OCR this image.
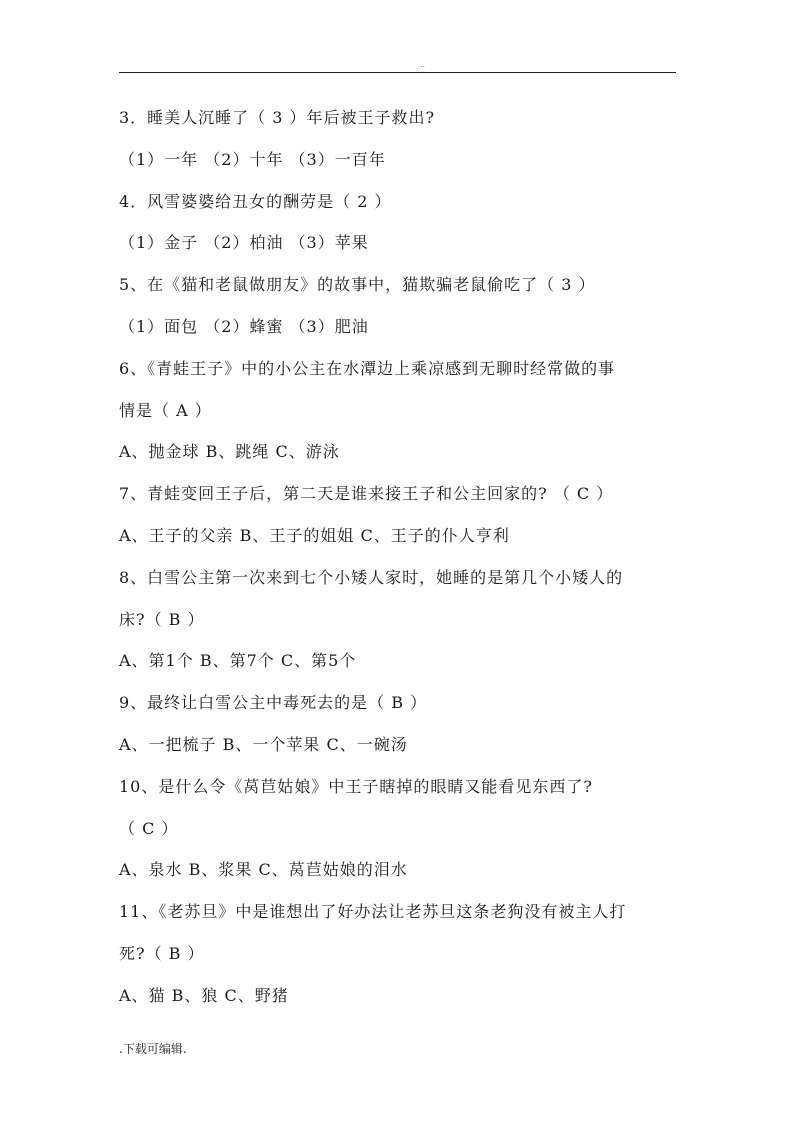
..
3．睡美人沉睡了（ 3 ）年后被王子救出?
（1）一年 （2）十年 （3）一百年
4．风雪婆婆给丑女的酬劳是（ 2 ）
（1）金子 （2）柏油 （3）苹果
5、在《猫和老鼠做朋友》的故事中，猫欺骗老鼠偷吃了（ 3 ）
（1）面包 （2）蜂蜜 （3）肥油
6、《青蛙王子》中的小公主在水潭边上乘凉感到无聊时经常做的事
情是（ A ）
A、抛金球 B、跳绳 C、游泳
7、青蛙变回王子后，第二天是谁来接王子和公主回家的? （ C ）
A、王子的父亲 B、王子的姐姐 C、王子的仆人亨利
8、白雪公主第一次来到七个小矮人家时，她睡的是第几个小矮人的
床?（ B ）
A、第1个 B、第7个 C、第5个
9、最终让白雪公主中毒死去的是（ B ）
A、一把梳子 B、一个苹果 C、一碗汤
10、是什么令《莴苣姑娘》中王子瞎掉的眼睛又能看见东西了?
（ C ）
A、泉水 B、浆果 C、莴苣姑娘的泪水
11、《老苏旦》中是谁想出了好办法让老苏旦这条老狗没有被主人打
死?（ B ）
A、猫 B、狼 C、野猪
.下载可编辑.
